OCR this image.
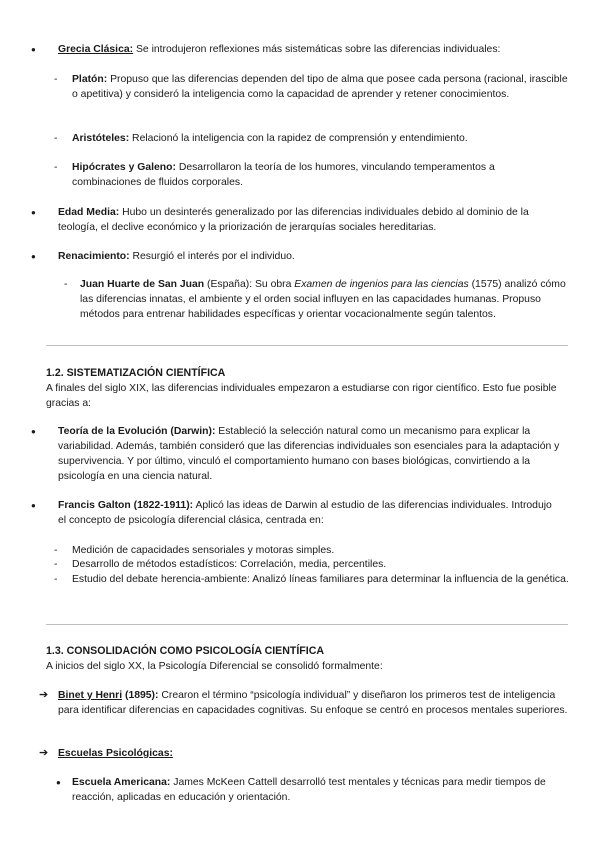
● Grecia Clásica: Se introdujeron reflexiones más sistemáticas sobre las diferencias individuales:
- Platón: Propuso que las diferencias dependen del tipo de alma que posee cada persona (racional, irascible o apetitiva) y consideró la inteligencia como la capacidad de aprender y retener conocimientos.
- Aristóteles: Relacionó la inteligencia con la rapidez de comprensión y entendimiento.
- Hipócrates y Galeno: Desarrollaron la teoría de los humores, vinculando temperamentos a combinaciones de fluidos corporales.
● Edad Media: Hubo un desinterés generalizado por las diferencias individuales debido al dominio de la teología, el declive económico y la priorización de jerarquías sociales hereditarias.
● Renacimiento: Resurgió el interés por el individuo.
- Juan Huarte de San Juan (España): Su obra Examen de ingenios para las ciencias (1575) analizó cómo las diferencias innatas, el ambiente y el orden social influyen en las capacidades humanas. Propuso métodos para entrenar habilidades específicas y orientar vocacionalmente según talentos.
1.2. SISTEMATIZACIÓN CIENTÍFICA
A finales del siglo XIX, las diferencias individuales empezaron a estudiarse con rigor científico. Esto fue posible gracias a:
● Teoría de la Evolución (Darwin): Estableció la selección natural como un mecanismo para explicar la variabilidad. Además, también consideró que las diferencias individuales son esenciales para la adaptación y supervivencia. Y por último, vinculó el comportamiento humano con bases biológicas, convirtiendo a la psicología en una ciencia natural.
● Francis Galton (1822-1911): Aplicó las ideas de Darwin al estudio de las diferencias individuales. Introdujo el concepto de psicología diferencial clásica, centrada en:
- Medición de capacidades sensoriales y motoras simples.
- Desarrollo de métodos estadísticos: Correlación, media, percentiles.
- Estudio del debate herencia-ambiente: Analizó líneas familiares para determinar la influencia de la genética.
1.3. CONSOLIDACIÓN COMO PSICOLOGÍA CIENTÍFICA
A inicios del siglo XX, la Psicología Diferencial se consolidó formalmente:
➔ Binet y Henri (1895): Crearon el término “psicología individual” y diseñaron los primeros test de inteligencia para identificar diferencias en capacidades cognitivas. Su enfoque se centró en procesos mentales superiores.
➔ Escuelas Psicológicas:
● Escuela Americana: James McKeen Cattell desarrolló test mentales y técnicas para medir tiempos de reacción, aplicadas en educación y orientación.
